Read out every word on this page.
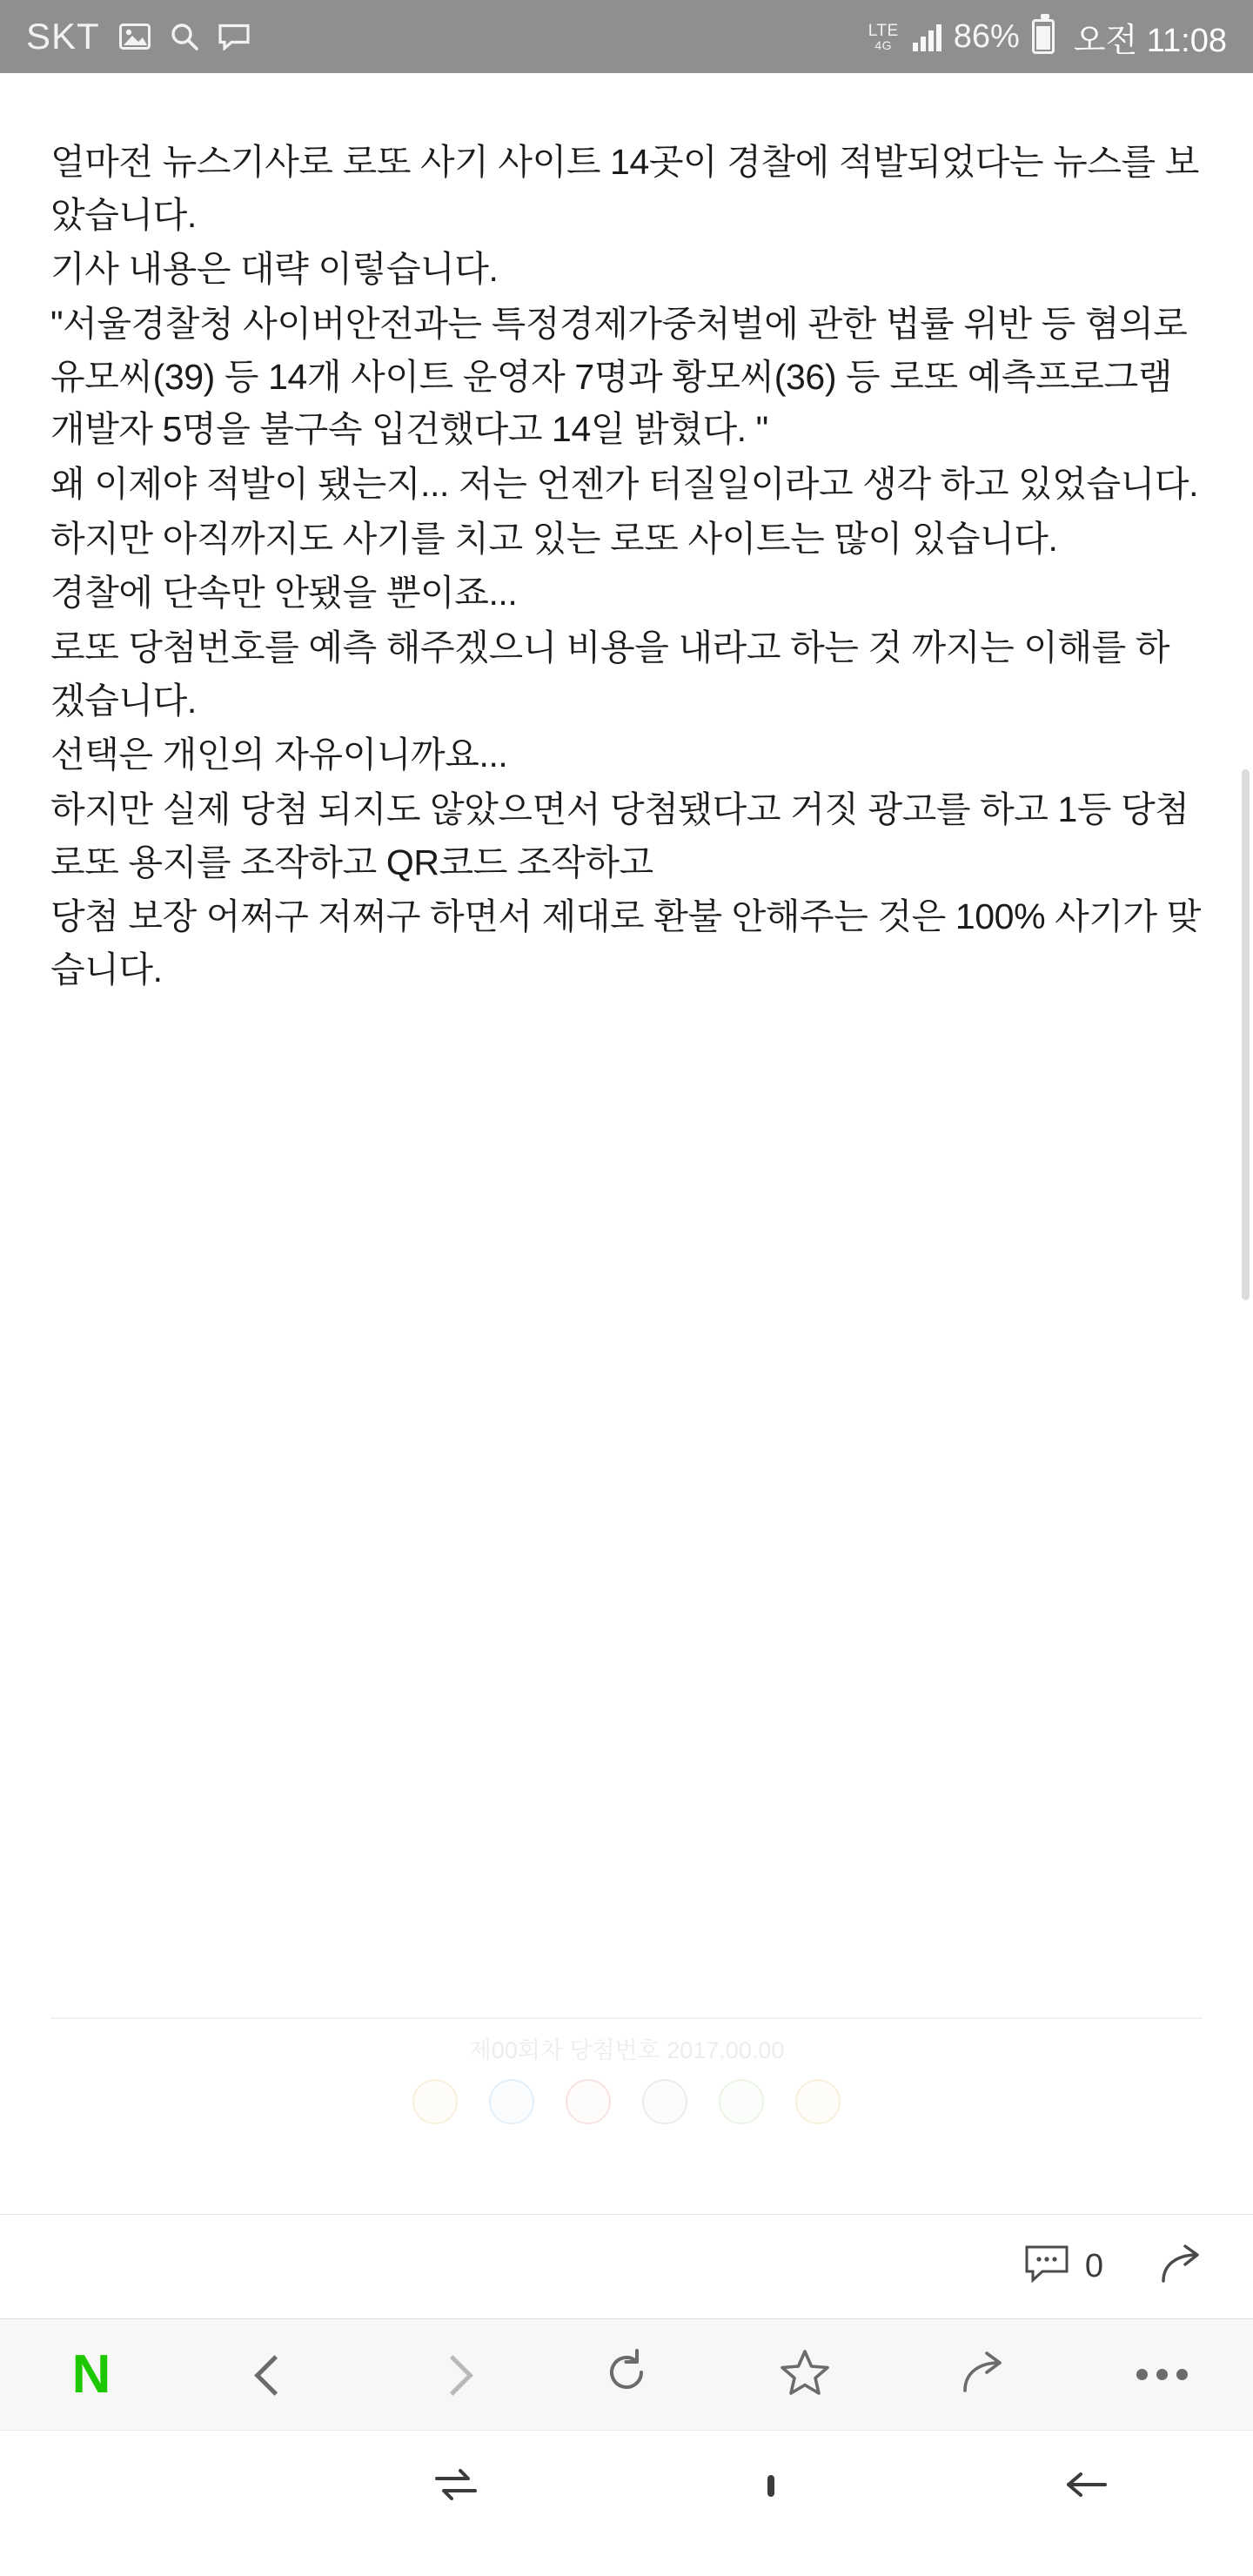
SKT	LTE
4G 86% 오전 11:08

얼마전 뉴스기사로 로또 사기 사이트 14곳이 경찰에 적발되었다는 뉴스를 보았습니다.

기사 내용은 대략 이렇습니다.

"서울경찰청 사이버안전과는 특정경제가중처벌에 관한 법률 위반 등 혐의로 유모씨(39) 등 14개 사이트 운영자 7명과 황모씨(36) 등 로또 예측프로그램 개발자 5명을 불구속 입건했다고 14일 밝혔다. "

왜 이제야 적발이 됐는지... 저는 언젠가 터질일이라고 생각 하고 있었습니다.

하지만 아직까지도 사기를 치고 있는 로또 사이트는 많이 있습니다.

경찰에 단속만 안됐을 뿐이죠...

로또 당첨번호를 예측 해주겠으니 비용을 내라고 하는 것 까지는 이해를 하겠습니다.

선택은 개인의 자유이니까요...

하지만 실제 당첨 되지도 않았으면서 당첨됐다고 거짓 광고를 하고 1등 당첨 로또 용지를 조작하고 QR코드 조작하고

당첨 보장 어쩌구 저쩌구 하면서 제대로 환불 안해주는 것은 100% 사기가 맞습니다.

제00회차 당첨번호 2017.00.00
0
N
